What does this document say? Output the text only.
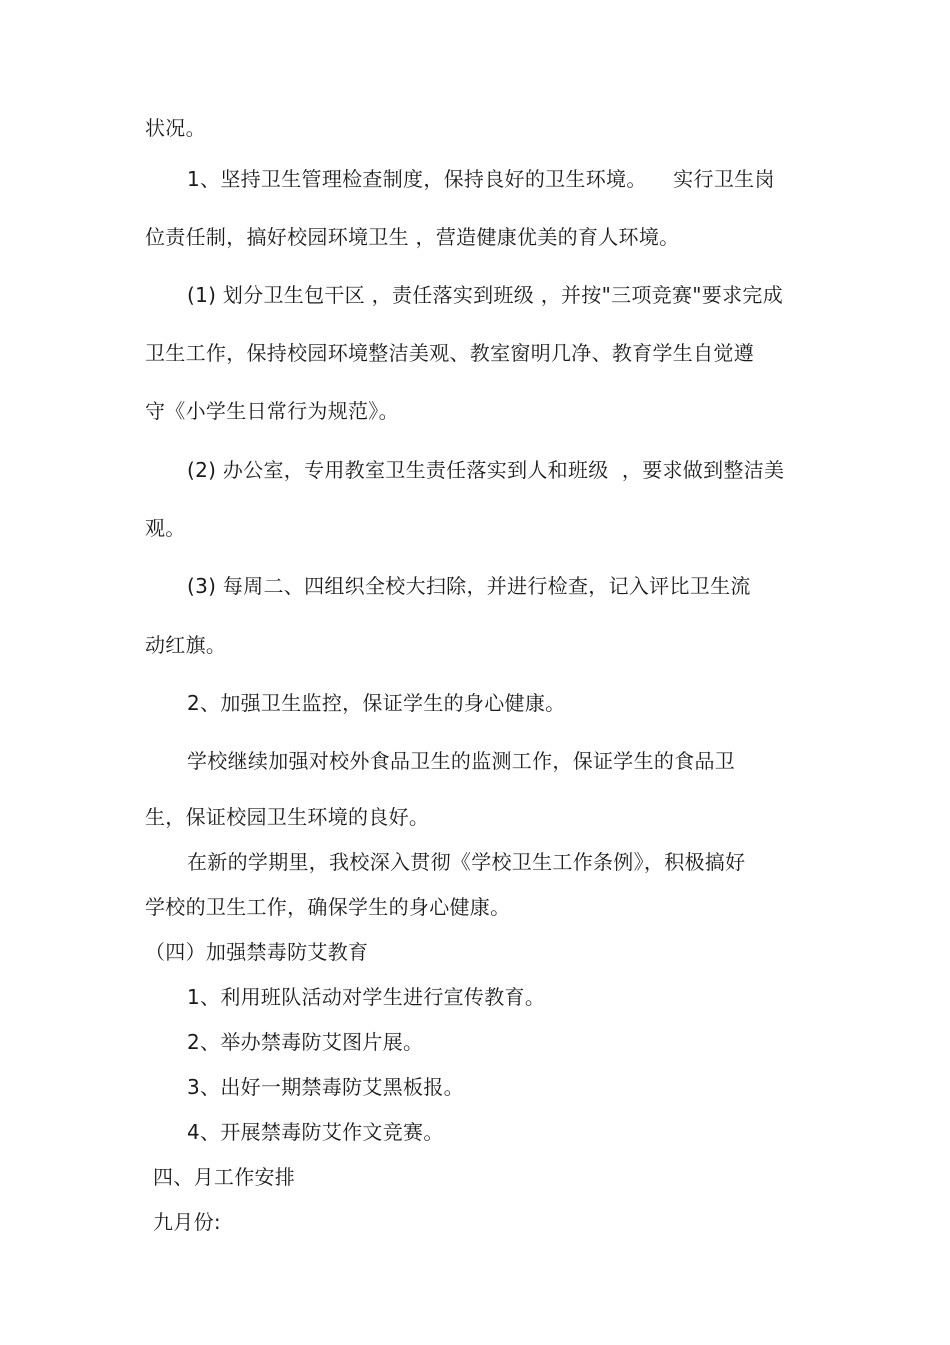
状况。
1、坚持卫生管理检查制度，保持良好的卫生环境。    实行卫生岗
位责任制，搞好校园环境卫生 ，营造健康优美的育人环境。
(1) 划分卫生包干区 ，责任落实到班级 ，并按"三项竞赛"要求完成
卫生工作，保持校园环境整洁美观、教室窗明几净、教育学生自觉遵
守《小学生日常行为规范》。
(2) 办公室，专用教室卫生责任落实到人和班级  ，要求做到整洁美
观。
(3) 每周二、四组织全校大扫除，并进行检查，记入评比卫生流
动红旗。
2、加强卫生监控，保证学生的身心健康。
学校继续加强对校外食品卫生的监测工作，保证学生的食品卫
生，保证校园卫生环境的良好。
在新的学期里，我校深入贯彻《学校卫生工作条例》，积极搞好
学校的卫生工作，确保学生的身心健康。
（四）加强禁毒防艾教育
1、利用班队活动对学生进行宣传教育。
2、举办禁毒防艾图片展。
3、出好一期禁毒防艾黑板报。
4、开展禁毒防艾作文竞赛。
四、月工作安排
九月份:
